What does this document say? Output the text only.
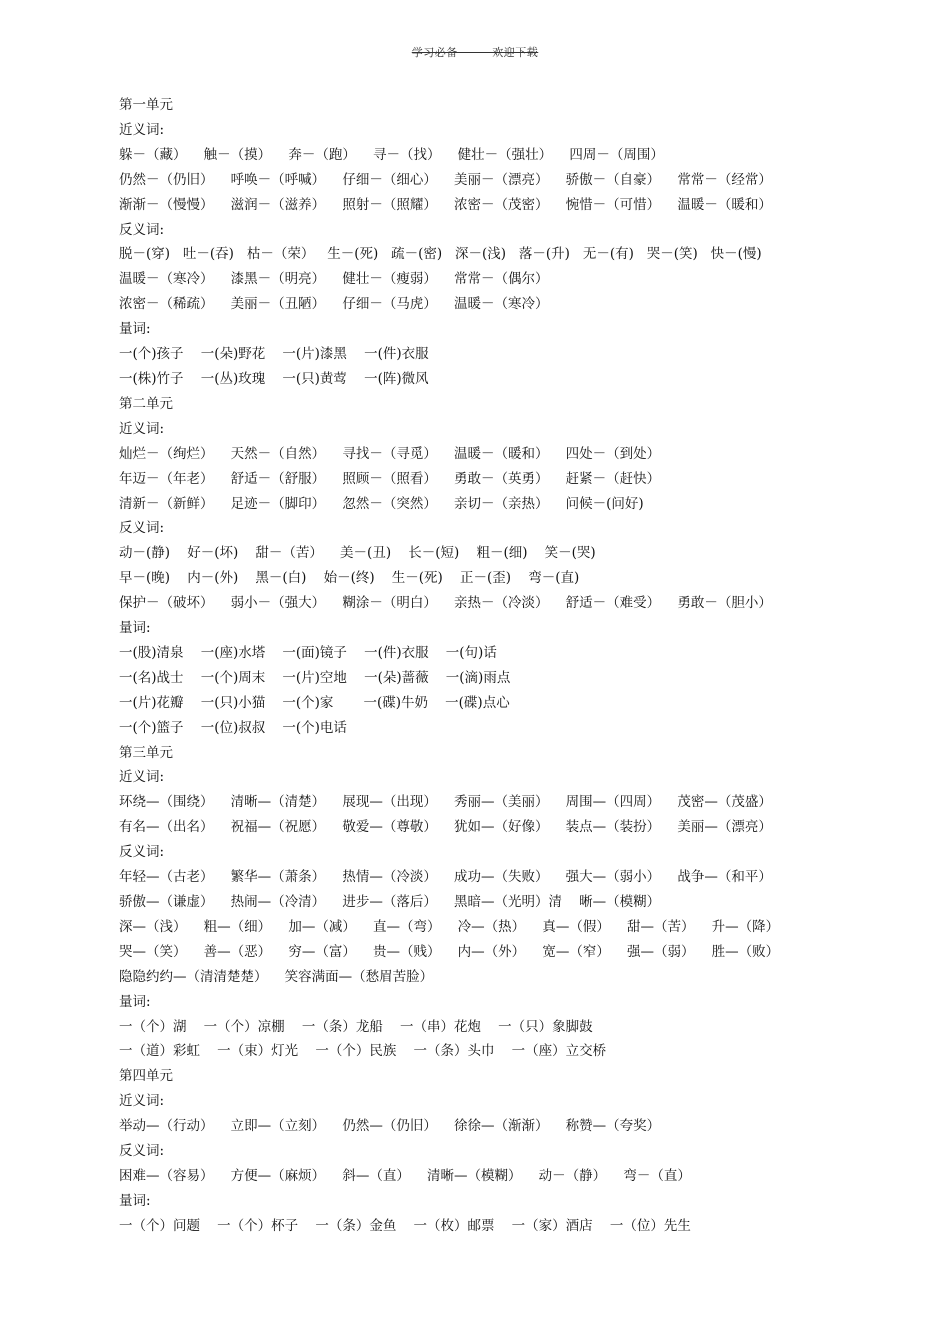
学习必备－－－欢迎下载

第一单元

近义词:

躲－（藏）    触－（摸）    奔－（跑）    寻－（找）    健壮－（强壮）    四周－（周围）

仍然－（仍旧）    呼唤－（呼喊）    仔细－（细心）    美丽－（漂亮）    骄傲－（自豪）    常常－（经常）

渐渐－（慢慢）    滋润－（滋养）    照射－（照耀）    浓密－（茂密）    惋惜－（可惜）    温暖－（暖和）

反义词:

脱－(穿)   吐－(吞)   枯－（荣）   生－(死)   疏－(密)   深－(浅)   落－(升)   无－(有)   哭－(笑)   快－(慢)

温暖－（寒冷）    漆黑－（明亮）    健壮－（瘦弱）    常常－（偶尔）

浓密－（稀疏）    美丽－（丑陋）    仔细－（马虎）    温暖－（寒冷）

量词:

一(个)孩子    一(朵)野花    一(片)漆黑    一(件)衣服

一(株)竹子    一(丛)玫瑰    一(只)黄莺    一(阵)微风

第二单元

近义词:

灿烂－（绚烂）    天然－（自然）    寻找－（寻觅）    温暖－（暖和）    四处－（到处）

年迈－（年老）    舒适－（舒服）    照顾－（照看）    勇敢－（英勇）    赶紧－（赶快）

清新－（新鲜）    足迹－（脚印）    忽然－（突然）    亲切－（亲热）    问候－(问好)

反义词:

动－(静)    好－(坏)    甜－（苦）    美－(丑)    长－(短)    粗－(细)    笑－(哭)

早－(晚)    内－(外)    黑－(白)    始－(终)    生－(死)    正－(歪)    弯－(直)

保护－（破坏）    弱小－（强大）    糊涂－（明白）    亲热－（冷淡）    舒适－（难受）    勇敢－（胆小）

量词:

一(股)清泉    一(座)水塔    一(面)镜子    一(件)衣服    一(句)话

一(名)战士    一(个)周末    一(片)空地    一(朵)蔷薇    一(滴)雨点

一(片)花瓣    一(只)小猫    一(个)家       一(碟)牛奶    一(碟)点心

一(个)篮子    一(位)叔叔    一(个)电话

第三单元

近义词:

环绕—（围绕）    清晰—（清楚）    展现—（出现）    秀丽—（美丽）    周围—（四周）    茂密—（茂盛）

有名—（出名）    祝福—（祝愿）    敬爱—（尊敬）    犹如—（好像）    装点—（装扮）    美丽—（漂亮）

反义词:

年轻—（古老）    繁华—（萧条）    热情—（冷淡）    成功—（失败）    强大—（弱小）    战争—（和平）

骄傲—（谦虚）    热闹—（冷清）    进步—（落后）    黑暗—（光明）清    晰—（模糊）

深—（浅）    粗—（细）    加—（减）    直—（弯）    冷—（热）    真—（假）    甜—（苦）    升—（降）

哭—（笑）    善—（恶）    穷—（富）    贵—（贱）    内—（外）    宽—（窄）    强—（弱）    胜—（败）

隐隐约约—（清清楚楚）    笑容满面—（愁眉苦脸）

量词:

一（个）湖    一（个）凉棚    一（条）龙船    一（串）花炮    一（只）象脚鼓

一（道）彩虹    一（束）灯光    一（个）民族    一（条）头巾    一（座）立交桥

第四单元

近义词:

举动—（行动）    立即—（立刻）    仍然—（仍旧）    徐徐—（渐渐）    称赞—（夸奖）

反义词:

困难—（容易）    方便—（麻烦）    斜—（直）    清晰—（模糊）    动－（静）    弯－（直）

量词:

一（个）问题    一（个）杯子    一（条）金鱼    一（枚）邮票    一（家）酒店    一（位）先生
